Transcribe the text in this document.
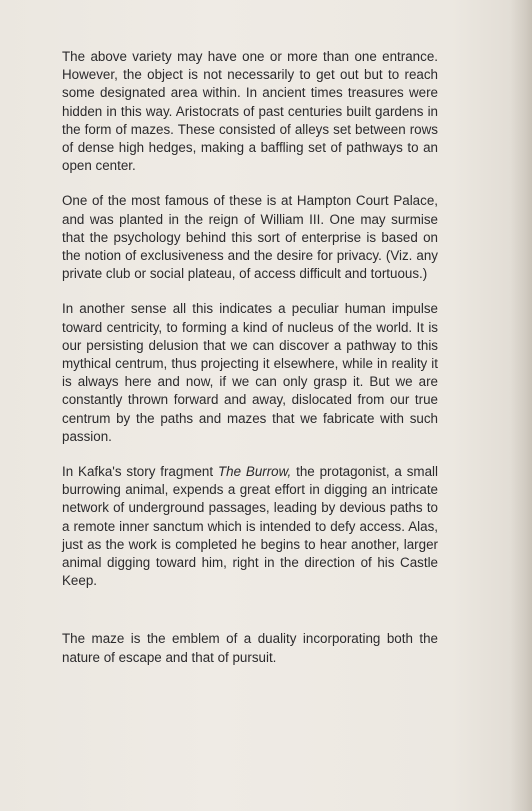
The above variety may have one or more than one entrance. However, the object is not necessarily to get out but to reach some designated area within. In ancient times treasures were hidden in this way. Aristocrats of past centuries built gardens in the form of mazes. These consisted of alleys set between rows of dense high hedges, making a baffling set of pathways to an open center.

One of the most famous of these is at Hampton Court Palace, and was planted in the reign of William III. One may surmise that the psychology behind this sort of enterprise is based on the notion of exclusiveness and the desire for privacy. (Viz. any private club or social plateau, of access difficult and tortuous.)

In another sense all this indicates a peculiar human impulse toward centricity, to forming a kind of nucleus of the world. It is our persisting delusion that we can discover a pathway to this mythical centrum, thus projecting it elsewhere, while in reality it is always here and now, if we can only grasp it. But we are constantly thrown forward and away, dislocated from our true centrum by the paths and mazes that we fabricate with such passion.

In Kafka's story fragment The Burrow, the protagonist, a small burrowing animal, expends a great effort in digging an intricate network of underground passages, leading by devious paths to a remote inner sanctum which is intended to defy access. Alas, just as the work is completed he begins to hear another, larger animal digging toward him, right in the direction of his Castle Keep.

The maze is the emblem of a duality incorporating both the nature of escape and that of pursuit.
